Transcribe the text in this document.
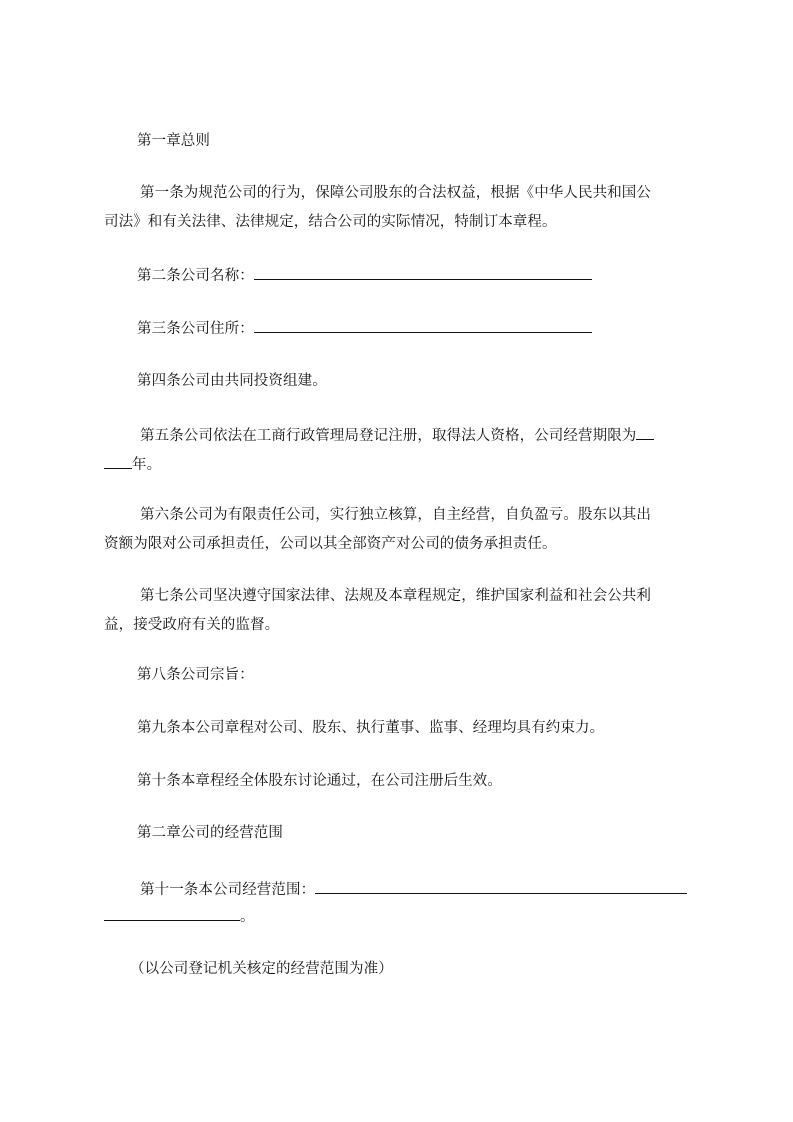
第一章总则
第一条为规范公司的行为，保障公司股东的合法权益，根据《中华人民共和国公
司法》和有关法律、法律规定，结合公司的实际情况，特制订本章程。
第二条公司名称：
第三条公司住所：
第四条公司由共同投资组建。
第五条公司依法在工商行政管理局登记注册，取得法人资格，公司经营期限为
年。
第六条公司为有限责任公司，实行独立核算，自主经营，自负盈亏。股东以其出
资额为限对公司承担责任，公司以其全部资产对公司的债务承担责任。
第七条公司坚决遵守国家法律、法规及本章程规定，维护国家利益和社会公共利
益，接受政府有关的监督。
第八条公司宗旨：
第九条本公司章程对公司、股东、执行董事、监事、经理均具有约束力。
第十条本章程经全体股东讨论通过，在公司注册后生效。
第二章公司的经营范围
第十一条本公司经营范围：
。
（以公司登记机关核定的经营范围为准）
